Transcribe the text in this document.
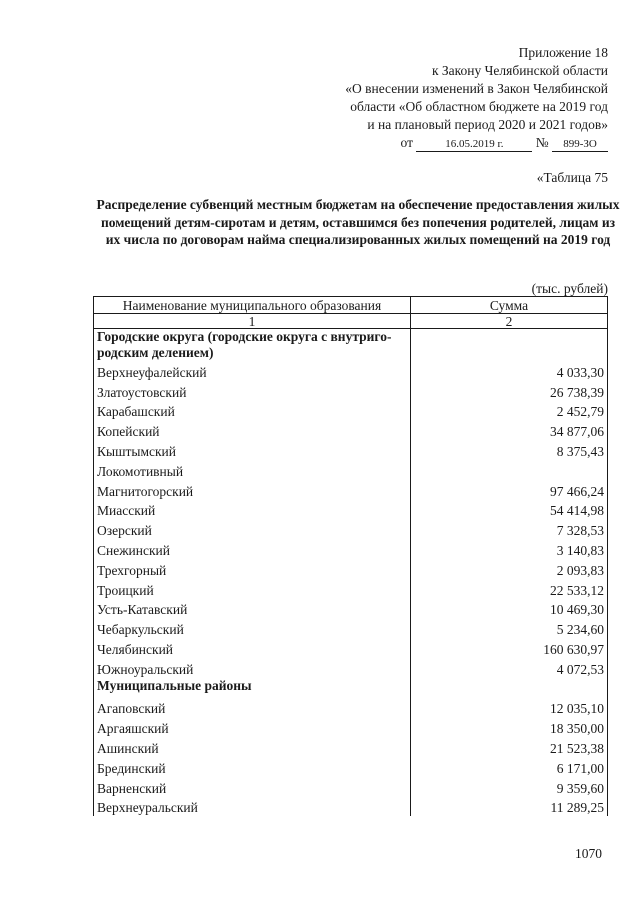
Приложение 18
к Закону Челябинской области
«О внесении изменений в Закон Челябинской
области «Об областном бюджете на 2019 год
и на плановый период 2020 и 2021 годов»
от	16.05.2019 г. № 899-ЗО
«Таблица 75
Распределение субвенций местным бюджетам на обеспечение предоставления жилых помещений детям-сиротам и детям, оставшимся без попечения родителей, лицам из их числа по договорам найма специализированных жилых помещений на 2019 год
(тыс. рублей)
Наименование муниципального образования	Сумма
1	2
Городские округа (городские округа с внутриго-родским делением)	
Верхнеуфалейский	4 033,30
Златоустовский	26 738,39
Карабашский	2 452,79
Копейский	34 877,06
Кыштымский	8 375,43
Локомотивный	
Магнитогорский	97 466,24
Миасский	54 414,98
Озерский	7 328,53
Снежинский	3 140,83
Трехгорный	2 093,83
Троицкий	22 533,12
Усть-Катавский	10 469,30
Чебаркульский	5 234,60
Челябинский	160 630,97
Южноуральский	4 072,53
Муниципальные районы	
Агаповский	12 035,10
Аргаяшский	18 350,00
Ашинский	21 523,38
Брединский	6 171,00
Варненский	9 359,60
Верхнеуральский	11 289,25
1070
